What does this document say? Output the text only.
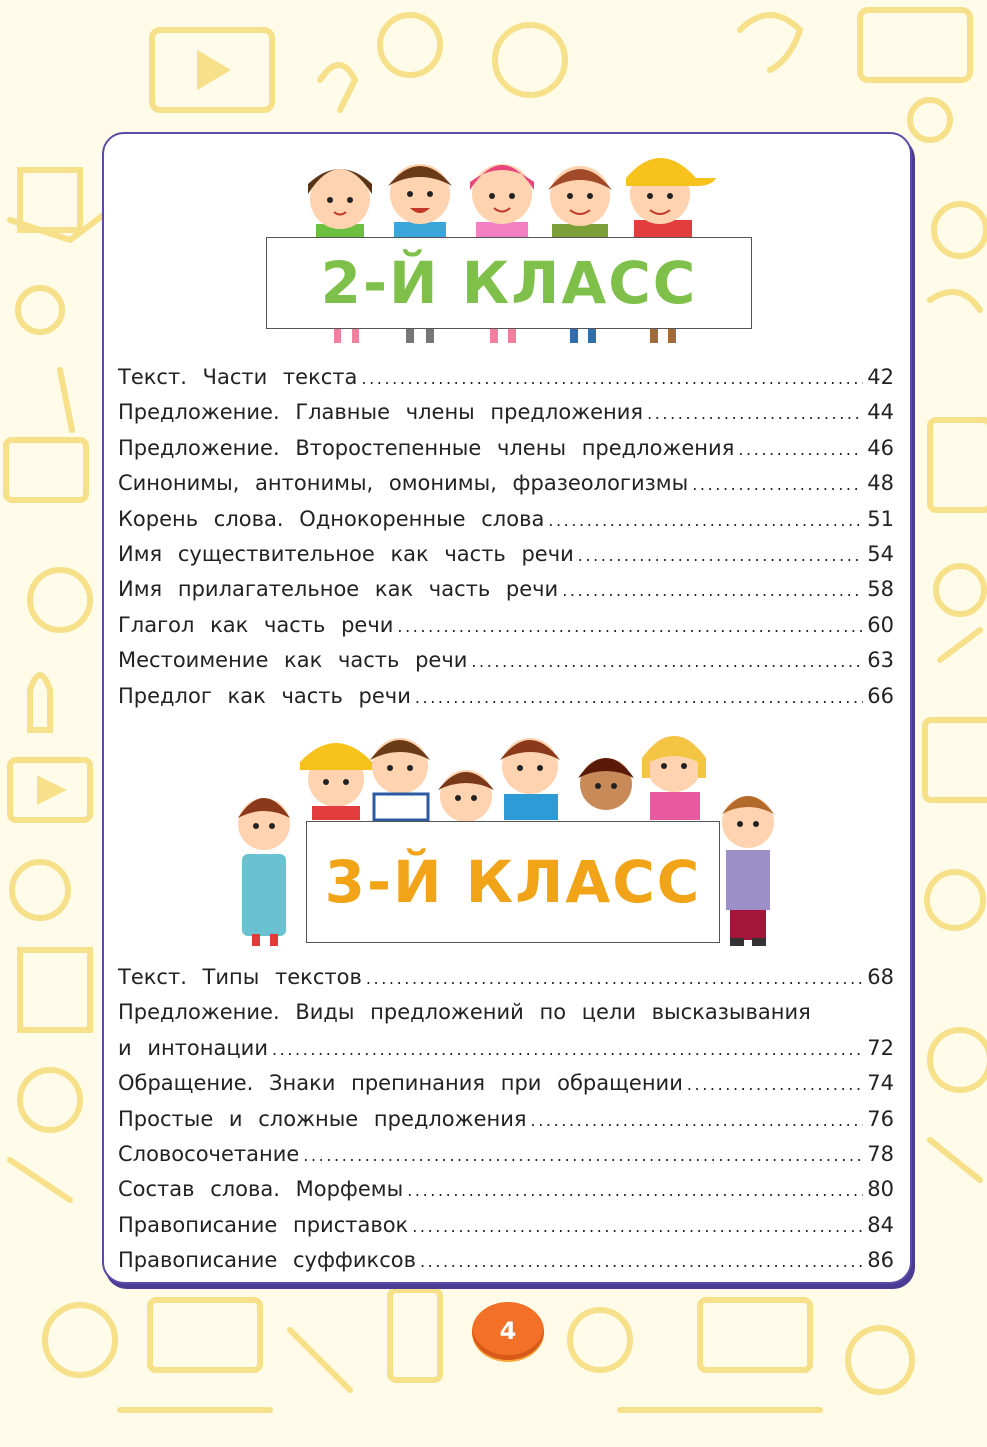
2-Й КЛАСС
Текст. Части текста .....	42
Предложение. Главные члены предложения .....	44
Предложение. Второстепенные члены предложения .....	46
Синонимы, антонимы, омонимы, фразеологизмы .....	48
Корень слова. Однокоренные слова .....	51
Имя существительное как часть речи .....	54
Имя прилагательное как часть речи .....	58
Глагол как часть речи .....	60
Местоимение как часть речи .....	63
Предлог как часть речи .....	66
3-Й КЛАСС
Текст. Типы текстов .....	68
Предложение. Виды предложений по цели высказывания
и интонации .....	72
Обращение. Знаки препинания при обращении .....	74
Простые и сложные предложения .....	76
Словосочетание .....	78
Состав слова. Морфемы .....	80
Правописание приставок .....	84
Правописание суффиксов .....	86
4
